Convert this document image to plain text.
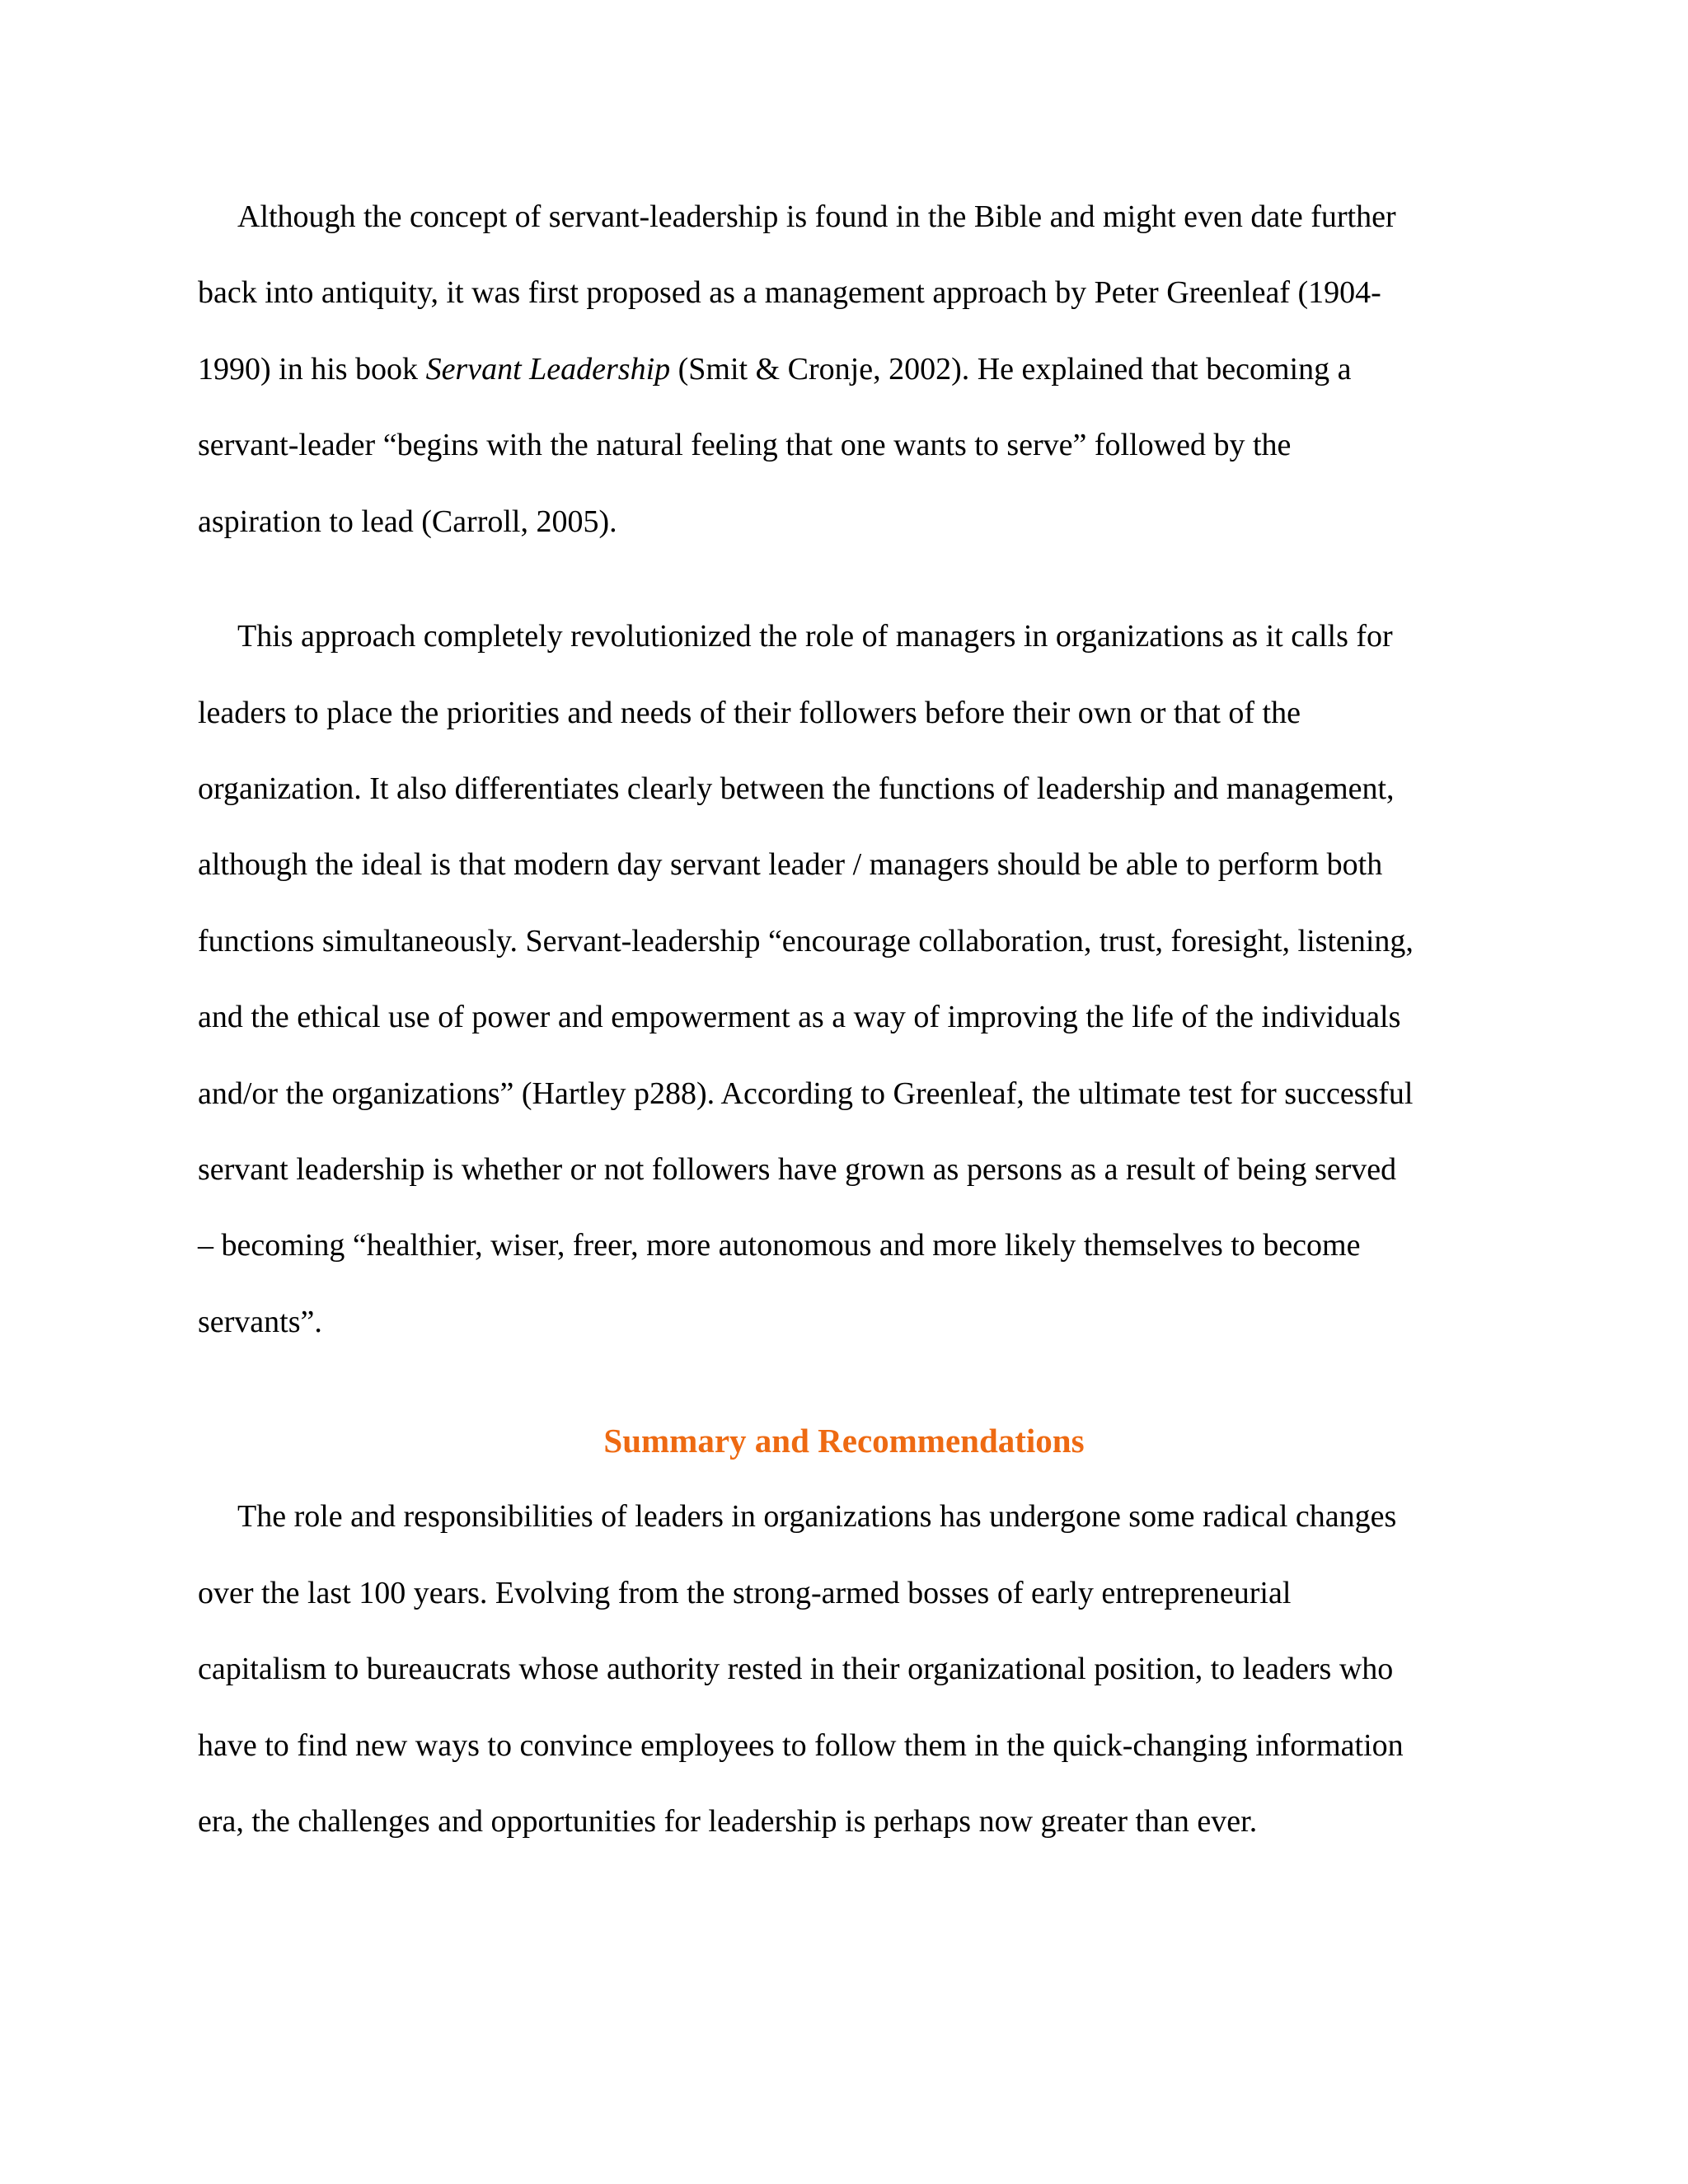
Although the concept of servant-leadership is found in the Bible and might even date further

back into antiquity, it was first proposed as a management approach by Peter Greenleaf (1904-

1990) in his book Servant Leadership (Smit & Cronje, 2002). He explained that becoming a

servant-leader “begins with the natural feeling that one wants to serve” followed by the

aspiration to lead (Carroll, 2005).

This approach completely revolutionized the role of managers in organizations as it calls for

leaders to place the priorities and needs of their followers before their own or that of the

organization. It also differentiates clearly between the functions of leadership and management,

although the ideal is that modern day servant leader / managers should be able to perform both

functions simultaneously. Servant-leadership “encourage collaboration, trust, foresight, listening,

and the ethical use of power and empowerment as a way of improving the life of the individuals

and/or the organizations” (Hartley p288). According to Greenleaf, the ultimate test for successful

servant leadership is whether or not followers have grown as persons as a result of being served

– becoming “healthier, wiser, freer, more autonomous and more likely themselves to become

servants”.

Summary and Recommendations

The role and responsibilities of leaders in organizations has undergone some radical changes

over the last 100 years. Evolving from the strong-armed bosses of early entrepreneurial

capitalism to bureaucrats whose authority rested in their organizational position, to leaders who

have to find new ways to convince employees to follow them in the quick-changing information

era, the challenges and opportunities for leadership is perhaps now greater than ever.
